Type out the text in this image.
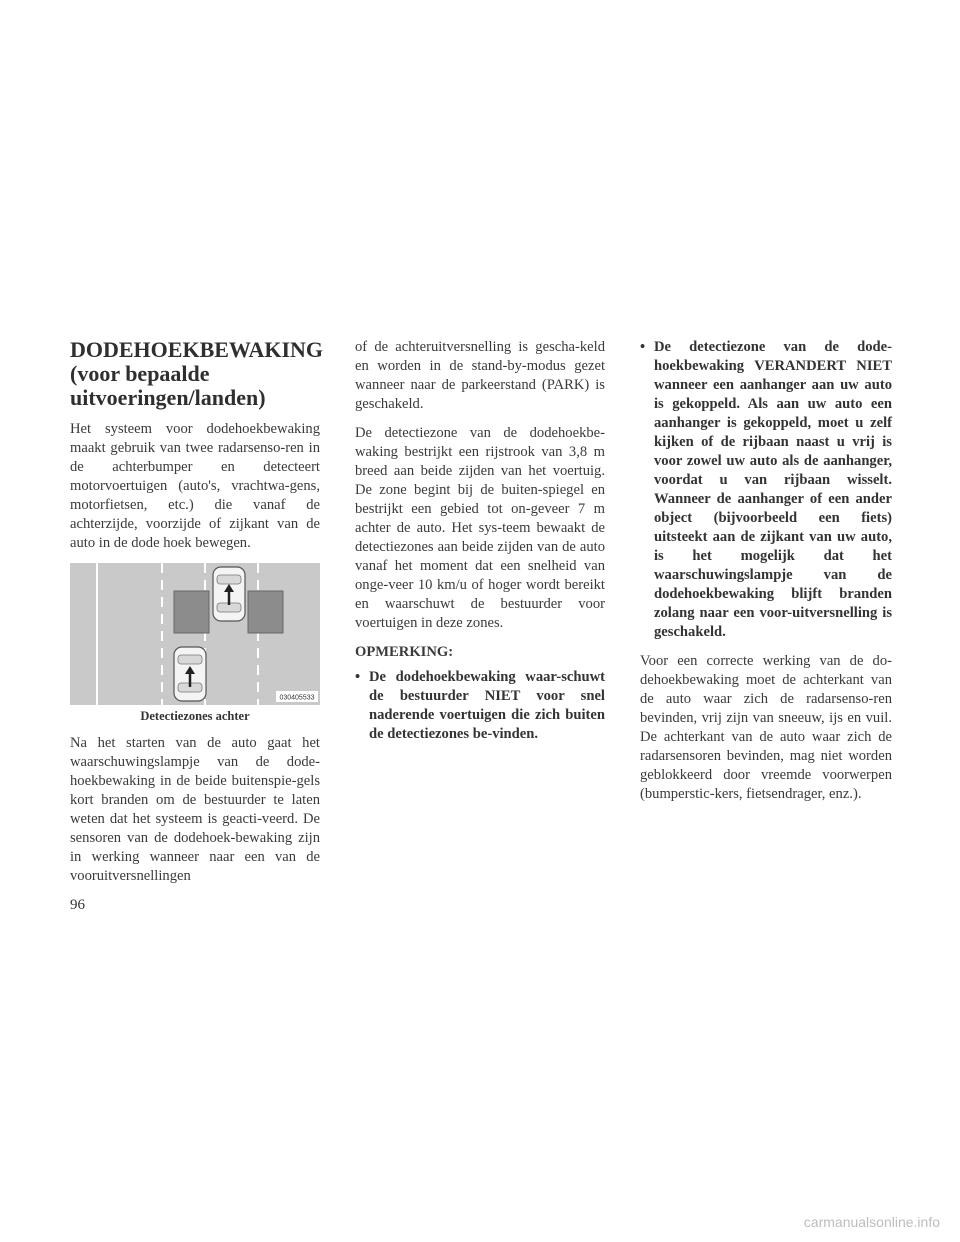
DODEHOEKBEWAKING (voor bepaalde uitvoeringen/landen)

Het systeem voor dodehoekbewaking maakt gebruik van twee radarsenso-ren in de achterbumper en detecteert motorvoertuigen (auto's, vrachtwa-gens, motorfietsen, etc.) die vanaf de achterzijde, voorzijde of zijkant van de auto in de dode hoek bewegen.

030405533
Detectiezones achter

Na het starten van de auto gaat het waarschuwingslampje van de dode-hoekbewaking in de beide buitenspie-gels kort branden om de bestuurder te laten weten dat het systeem is geacti-veerd. De sensoren van de dodehoek-bewaking zijn in werking wanneer naar een van de vooruitversnellingen

of de achteruitversnelling is gescha-keld en worden in de stand-by-modus gezet wanneer naar de parkeerstand (PARK) is geschakeld.

De detectiezone van de dodehoekbe-waking bestrijkt een rijstrook van 3,8 m breed aan beide zijden van het voertuig. De zone begint bij de buiten-spiegel en bestrijkt een gebied tot on-geveer 7 m achter de auto. Het sys-teem bewaakt de detectiezones aan beide zijden van de auto vanaf het moment dat een snelheid van onge-veer 10 km/u of hoger wordt bereikt en waarschuwt de bestuurder voor voertuigen in deze zones.

OPMERKING:
• De dodehoekbewaking waar-schuwt de bestuurder NIET voor snel naderende voertuigen die zich buiten de detectiezones be-vinden.
• De detectiezone van de dode-hoekbewaking VERANDERT NIET wanneer een aanhanger aan uw auto is gekoppeld. Als aan uw auto een aanhanger is gekoppeld, moet u zelf kijken of de rijbaan naast u vrij is voor zowel uw auto als de aanhanger, voordat u van rijbaan wisselt. Wanneer de aanhanger of een ander object (bijvoorbeeld een fiets) uitsteekt aan de zijkant van uw auto, is het mogelijk dat het waarschuwingslampje van de dodehoekbewaking blijft branden zolang naar een voor-uitversnelling is geschakeld.

Voor een correcte werking van de do-dehoekbewaking moet de achterkant van de auto waar zich de radarsenso-ren bevinden, vrij zijn van sneeuw, ijs en vuil. De achterkant van de auto waar zich de radarsensoren bevinden, mag niet worden geblokkeerd door vreemde voorwerpen (bumperstic-kers, fietsendrager, enz.).

96
carmanualsonline.info
